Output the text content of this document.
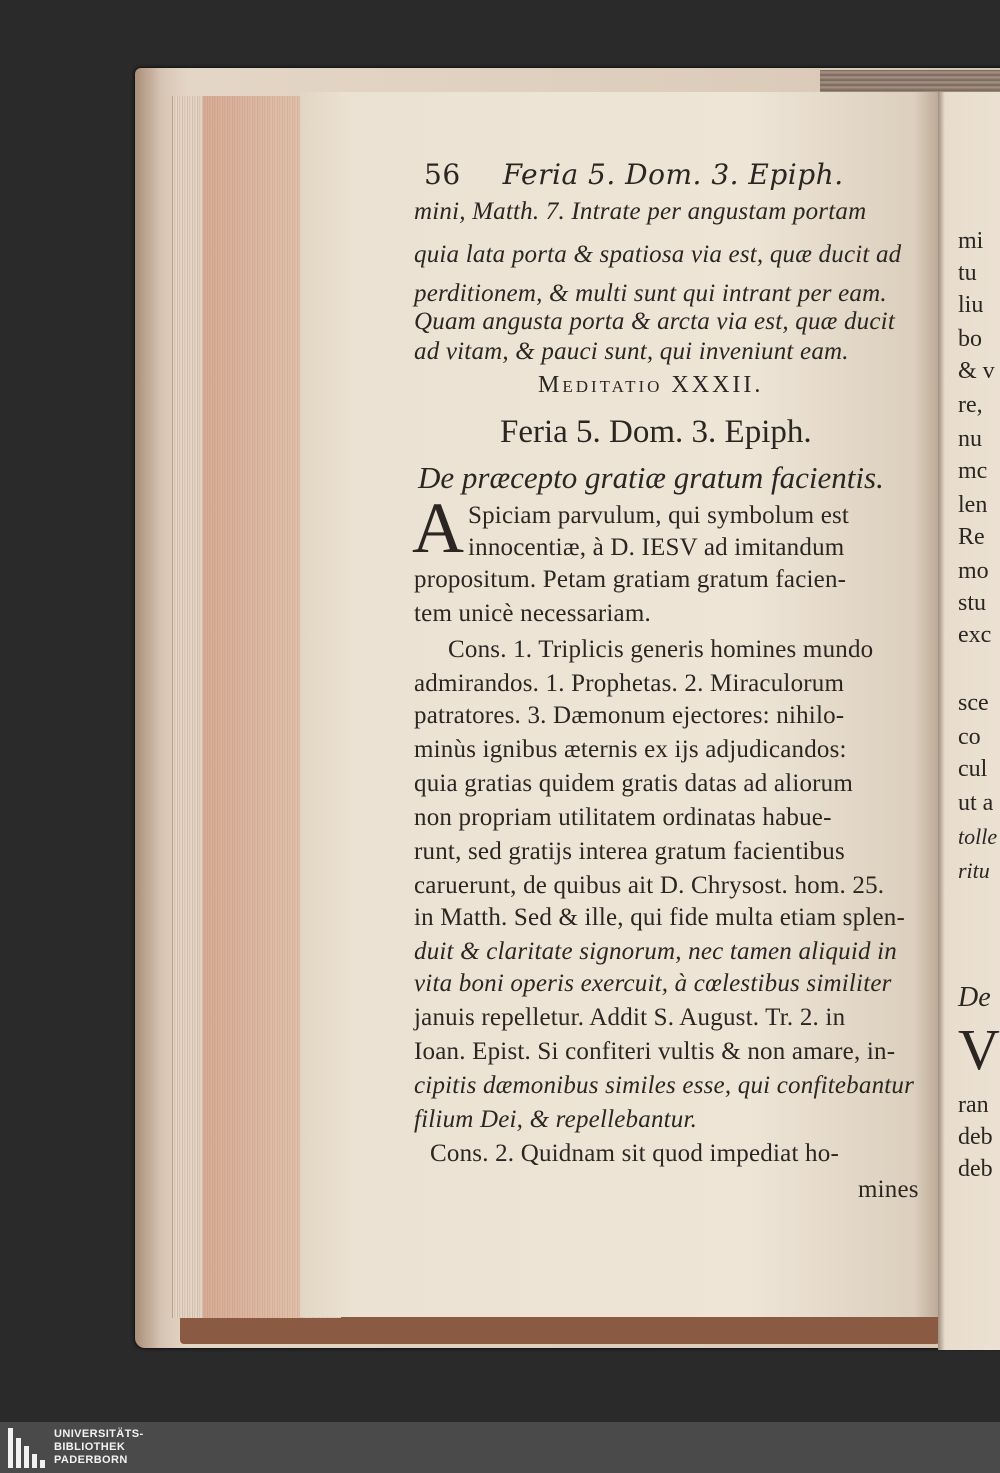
56 Feria 5. Dom. 3. Epiph.
mini, Matth. 7. Intrate per angustam portam
quia lata porta & spatiosa via est, quæ ducit ad
perditionem, & multi sunt qui intrant per eam.
Quam angusta porta & arcta via est, quæ ducit
ad vitam, & pauci sunt, qui inveniunt eam.
Meditatio XXXII.
Feria 5. Dom. 3. Epiph.
De præcepto gratiæ gratum facientis.
A Spiciam parvulum, qui symbolum est
innocentiæ, à D. IESV ad imitandum
propositum. Petam gratiam gratum facien-
tem unicè necessariam.
Cons. 1. Triplicis generis homines mundo
admirandos. 1. Prophetas. 2. Miraculorum
patratores. 3. Dæmonum ejectores: nihilo-
minùs ignibus æternis ex ijs adjudicandos:
quia gratias quidem gratis datas ad aliorum
non propriam utilitatem ordinatas habue-
runt, sed gratijs interea gratum facientibus
caruerunt, de quibus ait D. Chrysost. hom. 25.
in Matth. Sed & ille, qui fide multa etiam splen-
duit & claritate signorum, nec tamen aliquid in
vita boni operis exercuit, à cœlestibus similiter
januis repelletur. Addit S. August. Tr. 2. in
Ioan. Epist. Si confiteri vultis & non amare, in-
cipitis dæmonibus similes esse, qui confitebantur
filium Dei, & repellebantur.
Cons. 2. Quidnam sit quod impediat ho-
mines
mi
tu
liu
bo
& v
re,
nu
mc
len
Re
mo
stu
exc
sce
co
cul
ut a
tolle
ritu
De
V
ran
deb
deb
UNIVERSITÄTS-
BIBLIOTHEK
PADERBORN
